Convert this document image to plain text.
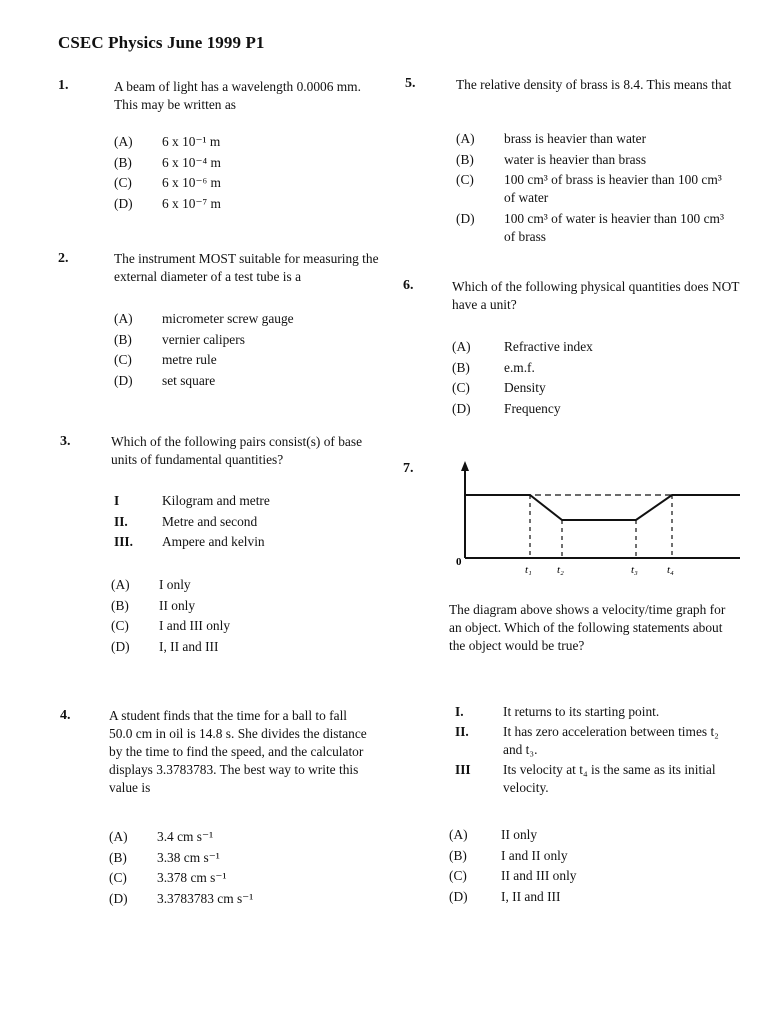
CSEC Physics June 1999 P1
1.	A beam of light has a wavelength 0.0006 mm. This may be written as
(A) 6 x 10⁻¹ m
(B) 6 x 10⁻⁴ m
(C) 6 x 10⁻⁶ m
(D) 6 x 10⁻⁷ m
2.	The instrument MOST suitable for measuring the external diameter of a test tube is a
(A) micrometer screw gauge
(B) vernier calipers
(C) metre rule
(D) set square
3.	Which of the following pairs consist(s) of base units of fundamental quantities?
I	Kilogram and metre
II.	Metre and second
III. Ampere and kelvin
(A) I only
(B) II only
(C) I and III only
(D) I, II and III
4.	A student finds that the time for a ball to fall 50.0 cm in oil is 14.8 s. She divides the distance by the time to find the speed, and the calculator displays 3.3783783. The best way to write this value is
(A) 3.4 cm s⁻¹
(B) 3.38 cm s⁻¹
(C) 3.378 cm s⁻¹
(D) 3.3783783 cm s⁻¹
5.	The relative density of brass is 8.4. This means that
(A) brass is heavier than water
(B) water is heavier than brass
(C)	100 cm³ of brass is heavier than 100 cm³ of water
(D)	100 cm³ of water is heavier than 100 cm³ of brass
6.	Which of the following physical quantities does NOT have a unit?
(A) Refractive index
(B)	e.m.f.
(C)	Density
(D) Frequency
7.
0
t₁ t₂	t₃	t₄
The diagram above shows a velocity/time graph for an object. Which of the following statements about the object would be true?
I.	It returns to its starting point.
II.	It has zero acceleration between times t₂ and t₃.
III	Its velocity at t₄ is the same as its initial velocity.
(A) II only
(B)	I and II only
(C)	II and III only
(D) I, II and III
